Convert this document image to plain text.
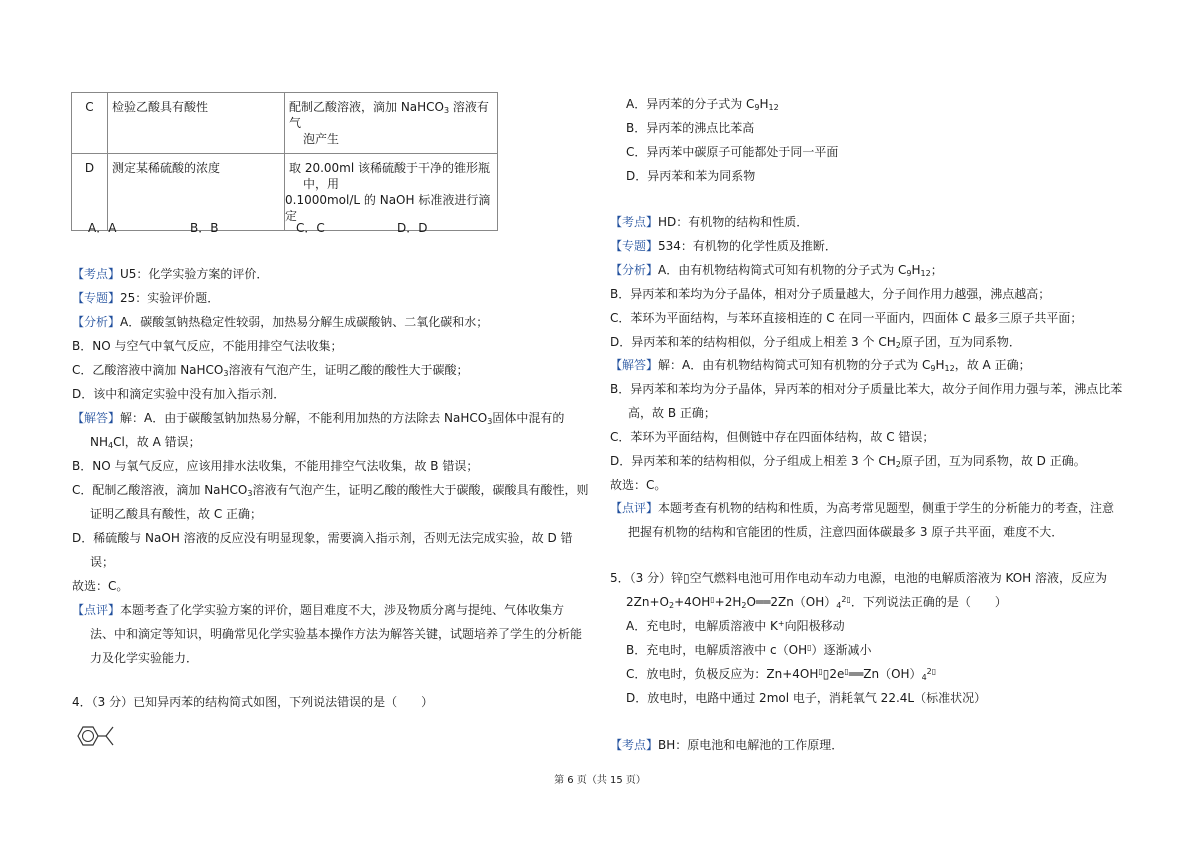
C	检验乙酸具有酸性	配制乙酸溶液，滴加 NaHCO$_3$ 溶液有气
泡产生

D	测定某稀硫酸的浓度	取 20.00ml 该稀硫酸于干净的锥形瓶
中，用
0.1000mol/L 的 NaOH 标准液进行滴定
A．A	B．B	C．C	D．D
【考点】U5：化学实验方案的评价．
【专题】25：实验评价题．
【分析】A．碳酸氢钠热稳定性较弱，加热易分解生成碳酸钠、二氧化碳和水；
B．NO 与空气中氧气反应，不能用排空气法收集；
C．乙酸溶液中滴加 NaHCO$_3$溶液有气泡产生，证明乙酸的酸性大于碳酸；
D．该中和滴定实验中没有加入指示剂．
【解答】解：A．由于碳酸氢钠加热易分解，不能利用加热的方法除去 NaHCO$_3$固体中混有的
$NH_4Cl$，故 A 错误；
B．NO 与氧气反应，应该用排水法收集，不能用排空气法收集，故 B 错误；
C．配制乙酸溶液，滴加 NaHCO$_3$溶液有气泡产生，证明乙酸的酸性大于碳酸，碳酸具有酸性，则
证明乙酸具有酸性，故 C 正确；
D．稀硫酸与 NaOH 溶液的反应没有明显现象，需要滴入指示剂，否则无法完成实验，故 D 错
误；
故选：C。
【点评】本题考查了化学实验方案的评价，题目难度不大，涉及物质分离与提纯、气体收集方
法、中和滴定等知识，明确常见化学实验基本操作方法为解答关键，试题培养了学生的分析能
力及化学实验能力．
4．（3 分）已知异丙苯的结构简式如图，下列说法错误的是（　　）
A．异丙苯的分子式为 $C_9H_{12}$
B．异丙苯的沸点比苯高
C．异丙苯中碳原子可能都处于同一平面
D．异丙苯和苯为同系物
【考点】HD：有机物的结构和性质．
【专题】534：有机物的化学性质及推断．
【分析】A．由有机物结构简式可知有机物的分子式为 $C_9H_{12}$；
B．异丙苯和苯均为分子晶体，相对分子质量越大，分子间作用力越强，沸点越高；
C．苯环为平面结构，与苯环直接相连的 C 在同一平面内，四面体 C 最多三原子共平面；
D．异丙苯和苯的结构相似，分子组成上相差 3 个 $CH_2$原子团，互为同系物．
【解答】解：A．由有机物结构简式可知有机物的分子式为 $C_9H_{12}$，故 A 正确；
B．异丙苯和苯均为分子晶体，异丙苯的相对分子质量比苯大，故分子间作用力强与苯，沸点比苯
高，故 B 正确；
C．苯环为平面结构，但侧链中存在四面体结构，故 C 错误；
D．异丙苯和苯的结构相似，分子组成上相差 3 个 $CH_2$原子团，互为同系物，故 D 正确。
故选：C。
【点评】本题考查有机物的结构和性质，为高考常见题型，侧重于学生的分析能力的考查，注意
把握有机物的结构和官能团的性质，注意四面体碳最多 3 原子共平面，难度不大．
5．（3 分）锌▯空气燃料电池可用作电动车动力电源，电池的电解质溶液为 KOH 溶液，反应为
$2Zn+O_2+4OH^▯+2H_2O══2Zn(OH)_4^{2▯}$．下列说法正确的是（　　）
A．充电时，电解质溶液中 K+向阳极移动
B．充电时，电解质溶液中 c（OH▯）逐渐减小
C．放电时，负极反应为：$Zn+4OH^▯▯2e^▯══Zn(OH)_4^{2▯}$
D．放电时，电路中通过 2mol 电子，消耗氧气 22.4L（标准状况）
【考点】BH：原电池和电解池的工作原理．
第 6 页（共 15 页）
